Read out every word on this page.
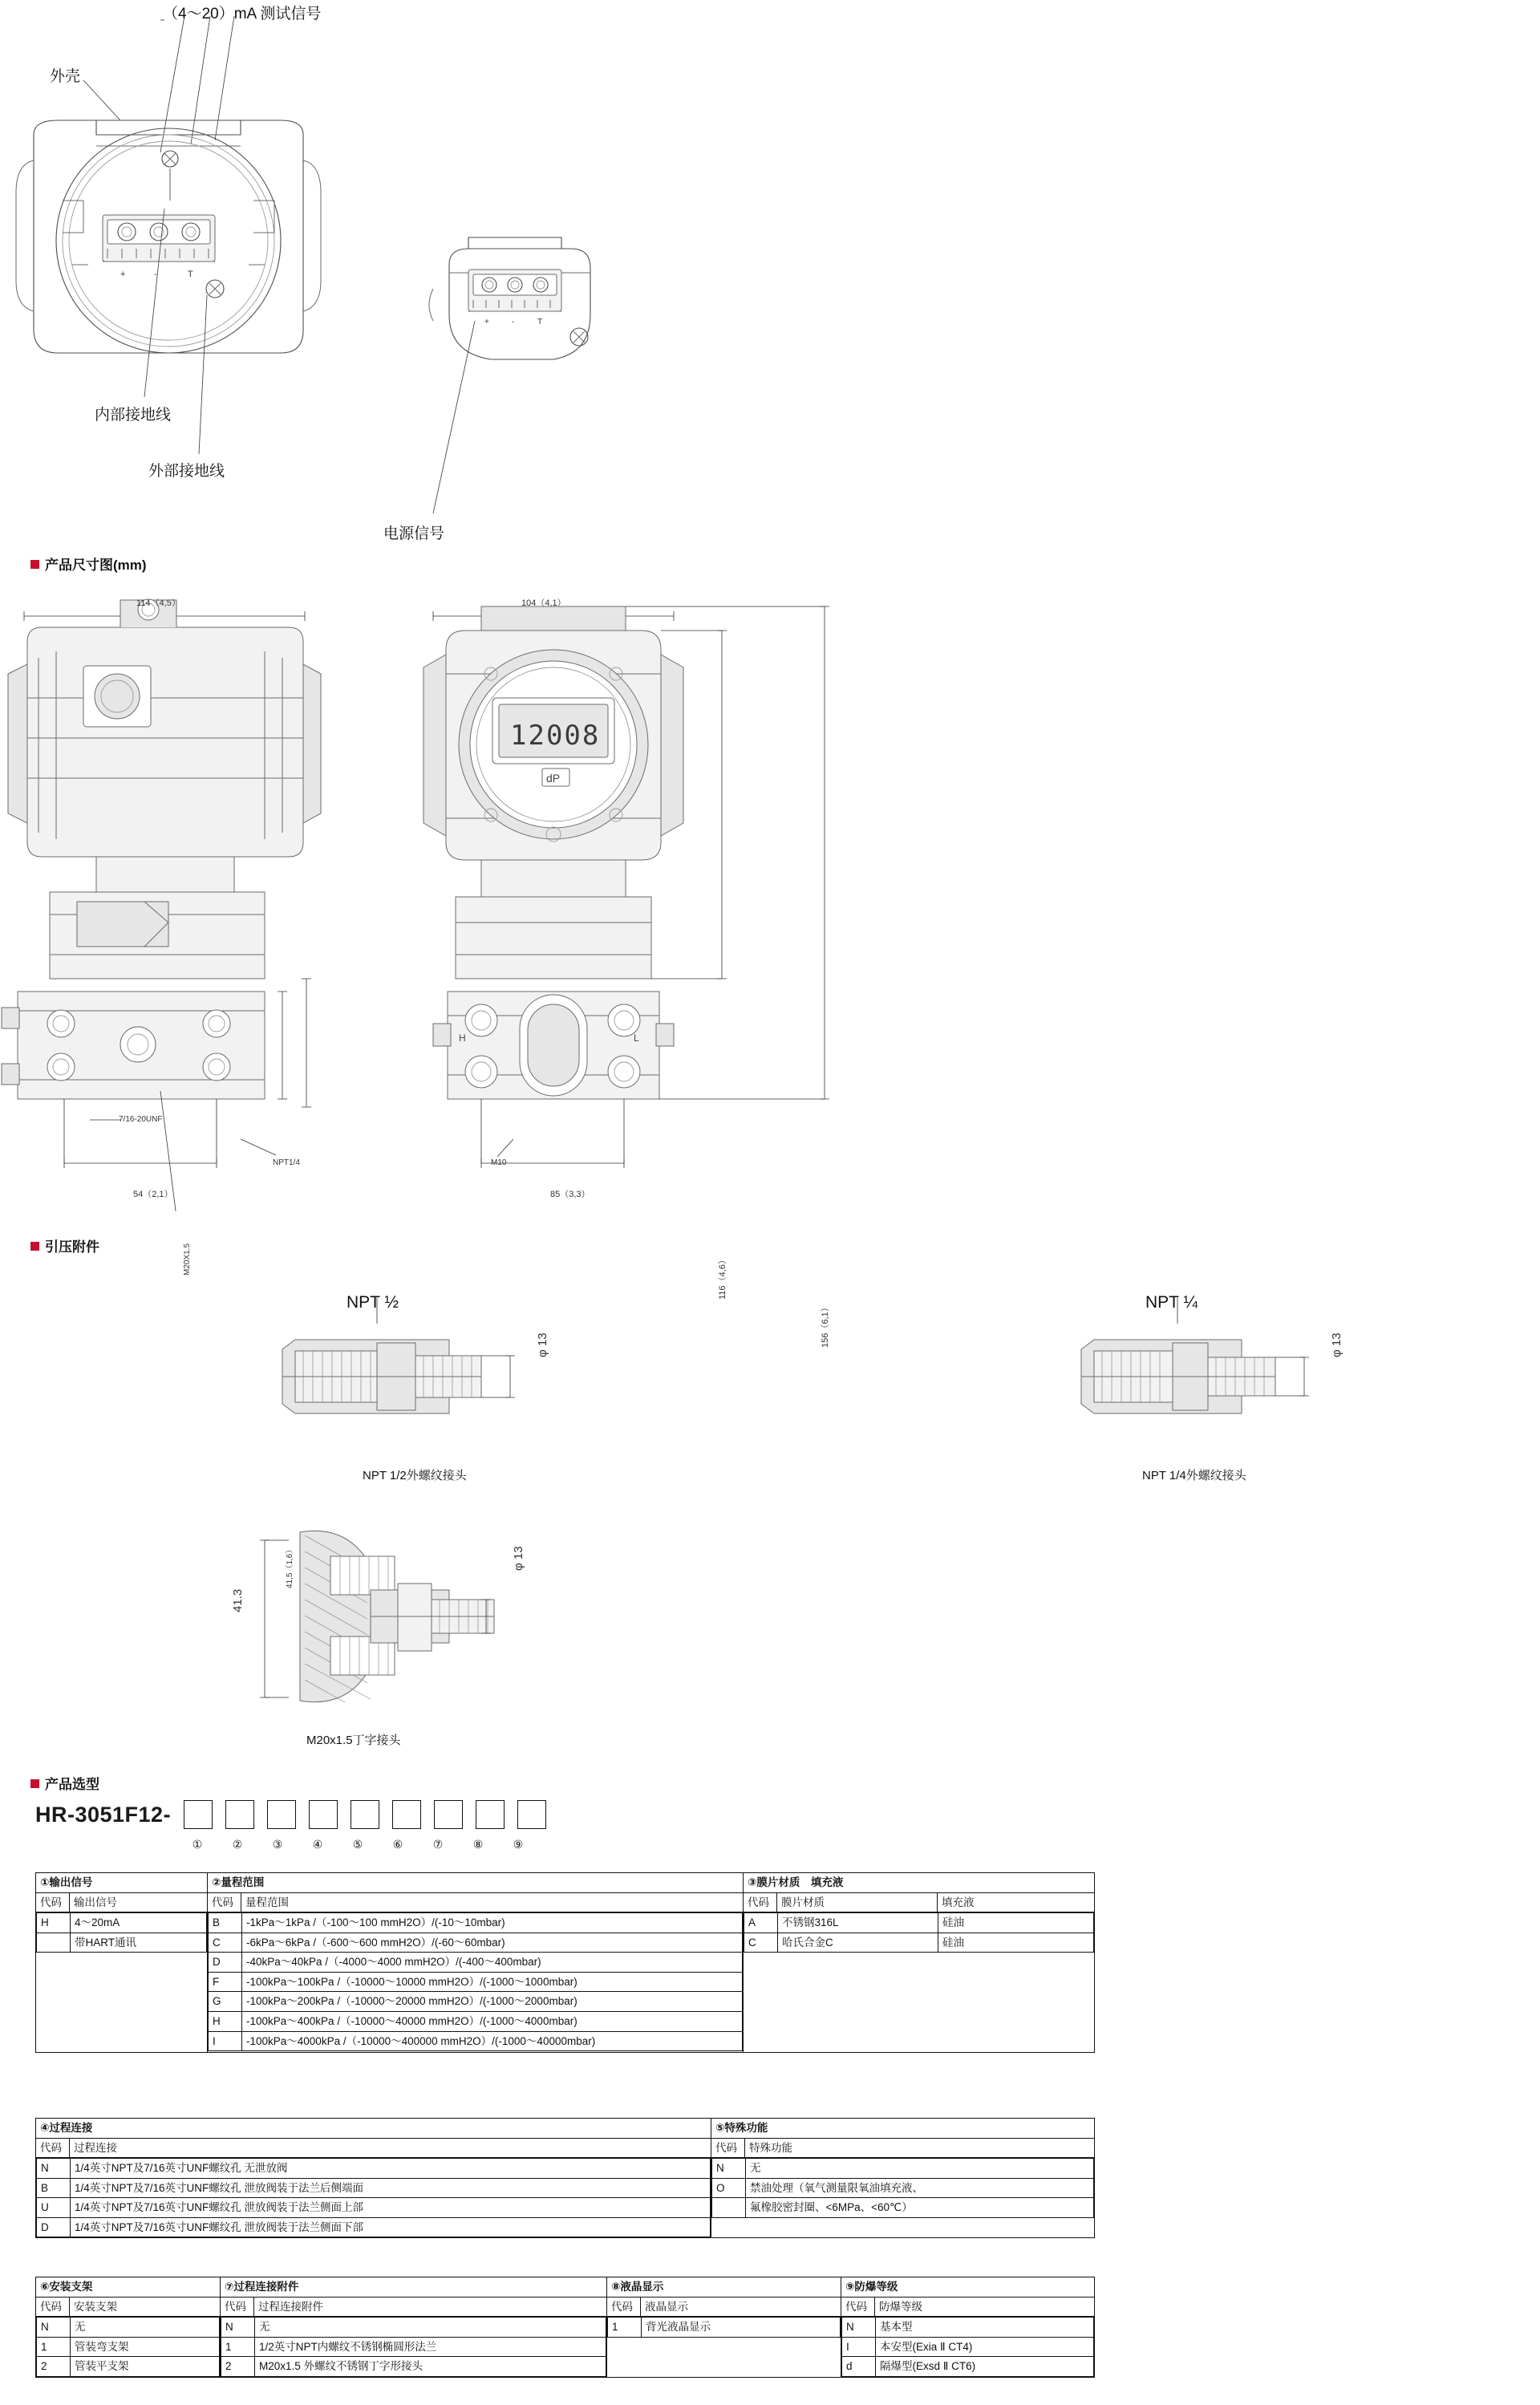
（4～20）mA 测试信号
外壳
内部接地线
外部接地线
电源信号
+	-	T
+	-	T
产品尺寸图(mm)
114（4,5）	104（4,1）
116（4,6）
156（6,1）
41,5（1,6）
54（2,1）	85（3,3）
M20X1.5
7/16-20UNF
NPT1/4	M10
12008
dP
H	L
引压附件
NPT ½
φ 13
NPT 1/2外螺纹接头
NPT ¼
φ 13
NPT 1/4外螺纹接头
φ 13
41.3
M20x1.5丁字接头
产品选型
HR-3051F12-
①	②	③	④	⑤	⑥	⑦	⑧	⑨
①输出信号	②量程范围	③膜片材质　填充液
代码	输出信号	代码	量程范围	代码	膜片材质	填充液

H	4～20mA
	带HART通讯

B	-1kPa～1kPa /（-100～100 mmH2O）/(-10～10mbar)
C	-6kPa～6kPa /（-600～600 mmH2O）/(-60～60mbar)
D	-40kPa～40kPa /（-4000～4000 mmH2O）/(-400～400mbar)
F	-100kPa～100kPa /（-10000～10000 mmH2O）/(-1000～1000mbar)
G	-100kPa～200kPa /（-10000～20000 mmH2O）/(-1000～2000mbar)
H	-100kPa～400kPa /（-10000～40000 mmH2O）/(-1000～4000mbar)
I	-100kPa～4000kPa /（-10000～400000 mmH2O）/(-1000～40000mbar)

A	不锈钢316L	硅油
C	哈氏合金C	硅油

④过程连接	⑤特殊功能
代码	过程连接	代码	特殊功能

N	1/4英寸NPT及7/16英寸UNF螺纹孔 无泄放阀
B	1/4英寸NPT及7/16英寸UNF螺纹孔 泄放阀装于法兰后侧端面
U	1/4英寸NPT及7/16英寸UNF螺纹孔 泄放阀装于法兰侧面上部
D	1/4英寸NPT及7/16英寸UNF螺纹孔 泄放阀装于法兰侧面下部

N	无
O	禁油处理（氧气测量限氧油填充液、
	氟橡胶密封圈、<6MPa、<60℃）
⑥安装支架	⑦过程连接附件	⑧液晶显示	⑨防爆等级
代码	安装支架	代码	过程连接附件	代码	液晶显示	代码	防爆等级

N	无
1	管装弯支架
2	管装平支架

N	无
1	1/2英寸NPT内螺纹不锈钢椭圆形法兰
2	M20x1.5 外螺纹不锈钢丁字形接头

1	背光液晶显示

		N	基本型
I	本安型(Exia Ⅱ CT4)
d	隔爆型(Exsd Ⅱ CT6)
